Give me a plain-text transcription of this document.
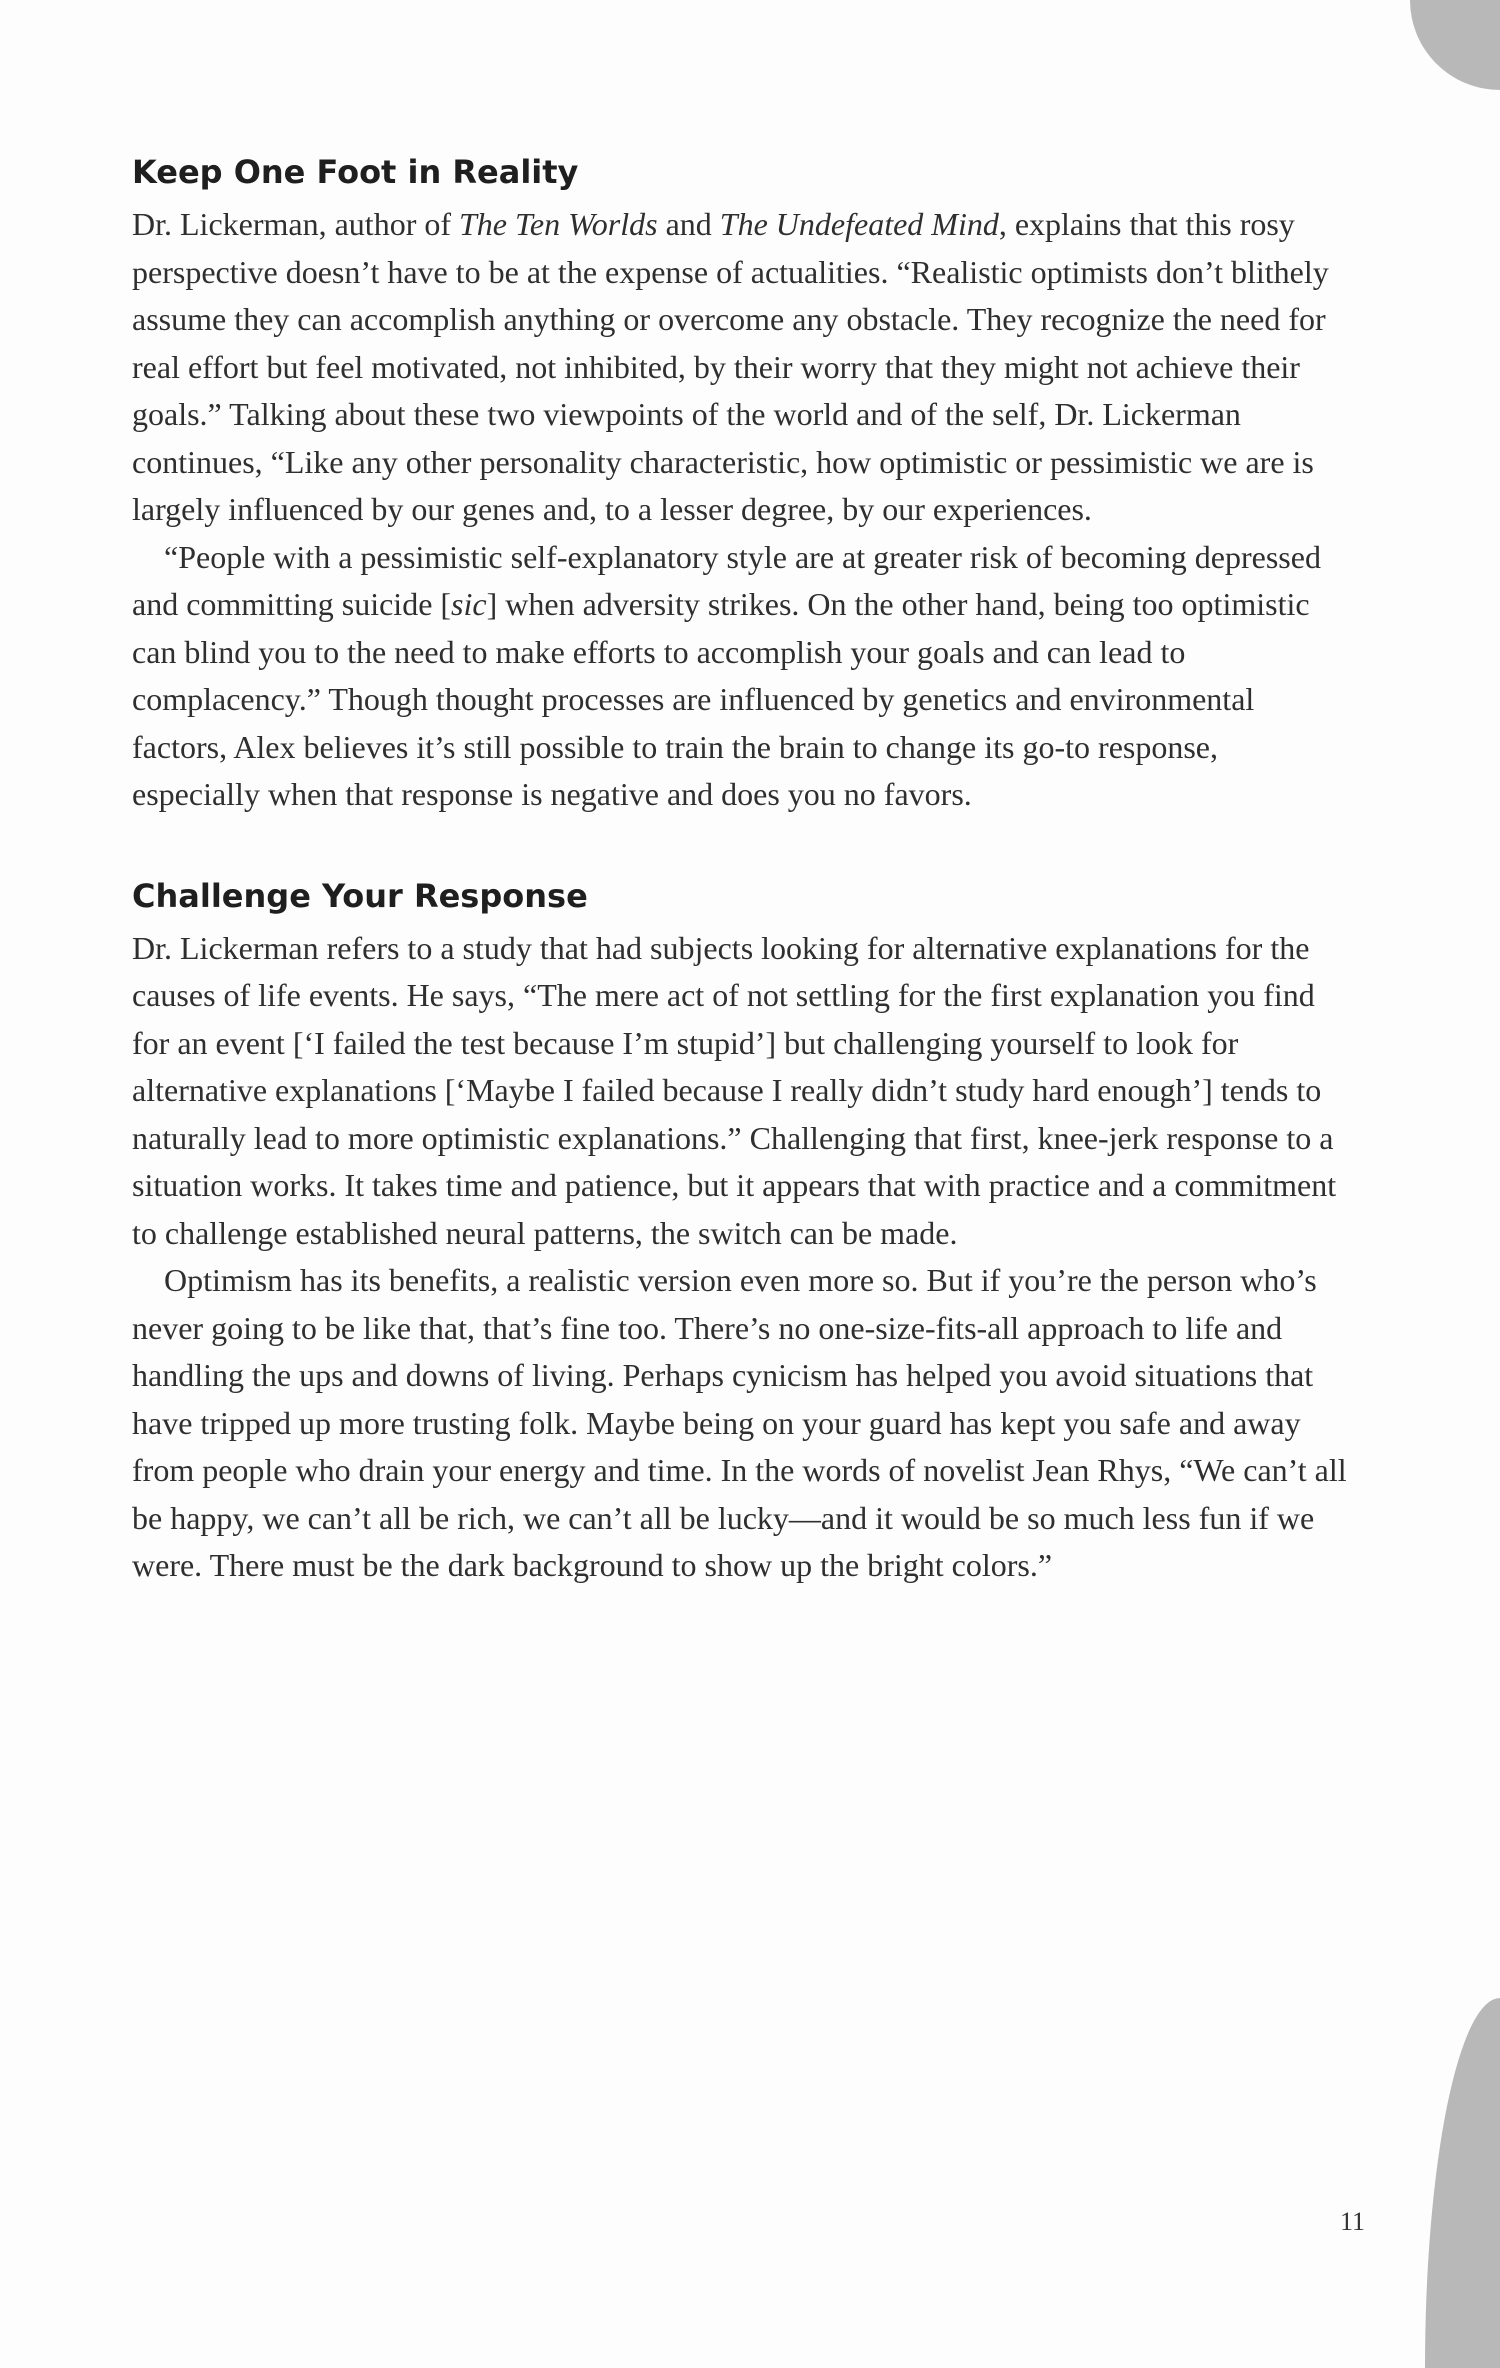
Keep One Foot in Reality

Dr. Lickerman, author of The Ten Worlds and The Undefeated Mind, explains that this rosy perspective doesn’t have to be at the expense of actualities. “Realistic optimists don’t blithely assume they can accomplish anything or overcome any obstacle. They recognize the need for real effort but feel motivated, not inhibited, by their worry that they might not achieve their goals.” Talking about these two viewpoints of the world and of the self, Dr. Lickerman continues, “Like any other personality characteristic, how optimistic or pessimistic we are is largely influenced by our genes and, to a lesser degree, by our experiences.

“People with a pessimistic self-explanatory style are at greater risk of becoming depressed and committing suicide [sic] when adversity strikes. On the other hand, being too optimistic can blind you to the need to make efforts to accomplish your goals and can lead to complacency.” Though thought processes are influenced by genetics and environmental factors, Alex believes it’s still possible to train the brain to change its go-to response, especially when that response is negative and does you no favors.

Challenge Your Response

Dr. Lickerman refers to a study that had subjects looking for alternative explanations for the causes of life events. He says, “The mere act of not settling for the first explanation you find for an event [‘I failed the test because I’m stupid’] but challenging yourself to look for alternative explanations [‘Maybe I failed because I really didn’t study hard enough’] tends to naturally lead to more optimistic explanations.” Challenging that first, knee-jerk response to a situation works. It takes time and patience, but it appears that with practice and a commitment to challenge established neural patterns, the switch can be made.

Optimism has its benefits, a realistic version even more so. But if you’re the person who’s never going to be like that, that’s fine too. There’s no one-size-fits-all approach to life and handling the ups and downs of living. Perhaps cynicism has helped you avoid situations that have tripped up more trusting folk. Maybe being on your guard has kept you safe and away from people who drain your energy and time. In the words of novelist Jean Rhys, “We can’t all be happy, we can’t all be rich, we can’t all be lucky—and it would be so much less fun if we were. There must be the dark background to show up the bright colors.”

11
